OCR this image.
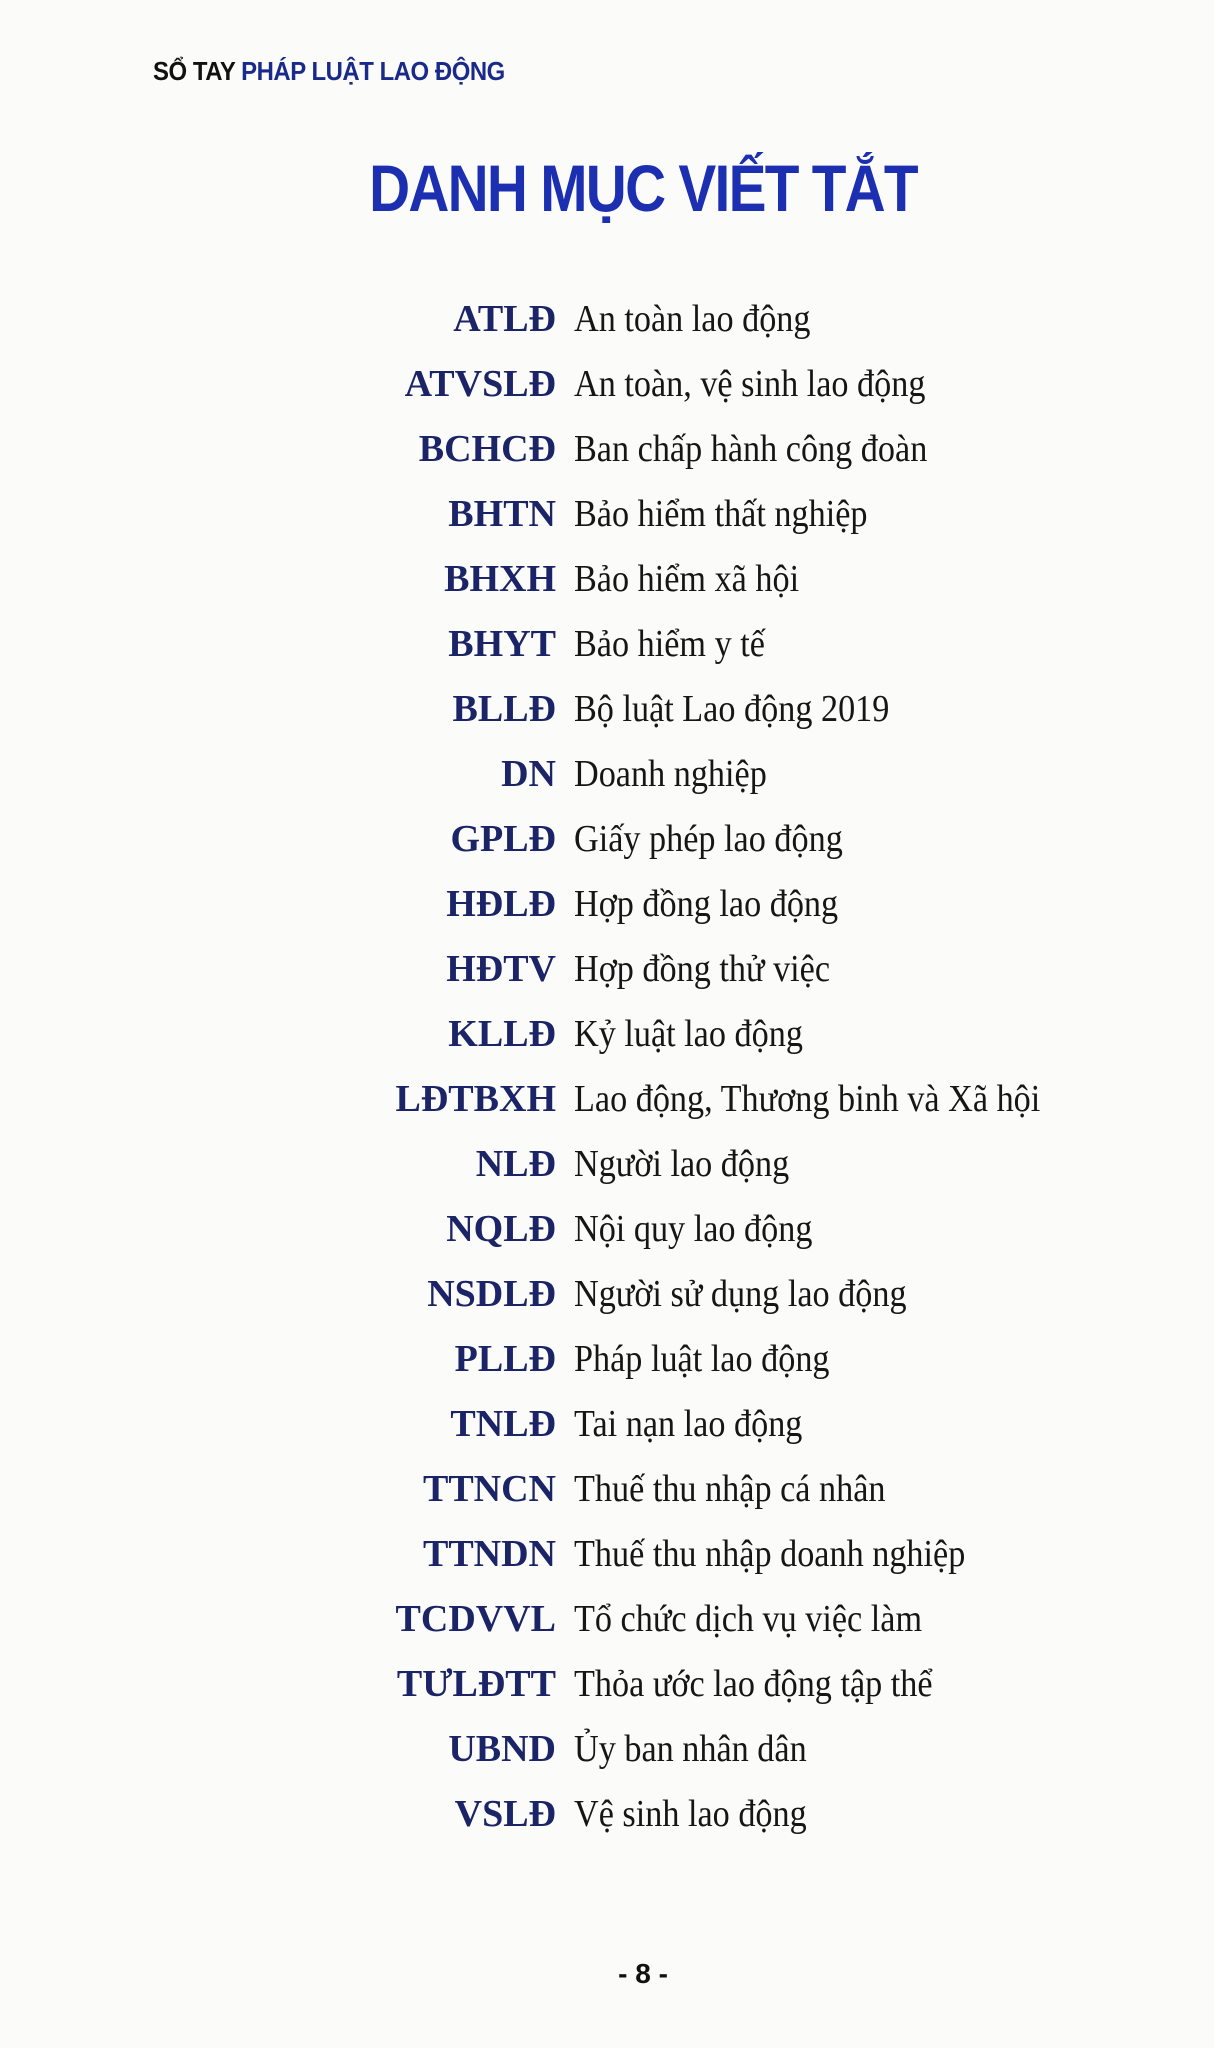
SỔ TAY PHÁP LUẬT LAO ĐỘNG
DANH MỤC VIẾT TẮT
ATLĐ An toàn lao động
ATVSLĐ An toàn, vệ sinh lao động
BCHCĐ Ban chấp hành công đoàn
BHTN Bảo hiểm thất nghiệp
BHXH Bảo hiểm xã hội
BHYT Bảo hiểm y tế
BLLĐ Bộ luật Lao động 2019
DN Doanh nghiệp
GPLĐ Giấy phép lao động
HĐLĐ Hợp đồng lao động
HĐTV Hợp đồng thử việc
KLLĐ Kỷ luật lao động
LĐTBXH Lao động, Thương binh và Xã hội
NLĐ Người lao động
NQLĐ Nội quy lao động
NSDLĐ Người sử dụng lao động
PLLĐ Pháp luật lao động
TNLĐ Tai nạn lao động
TTNCN Thuế thu nhập cá nhân
TTNDN Thuế thu nhập doanh nghiệp
TCDVVL Tổ chức dịch vụ việc làm
TƯLĐTT Thỏa ước lao động tập thể
UBND Ủy ban nhân dân
VSLĐ Vệ sinh lao động
- 8 -
